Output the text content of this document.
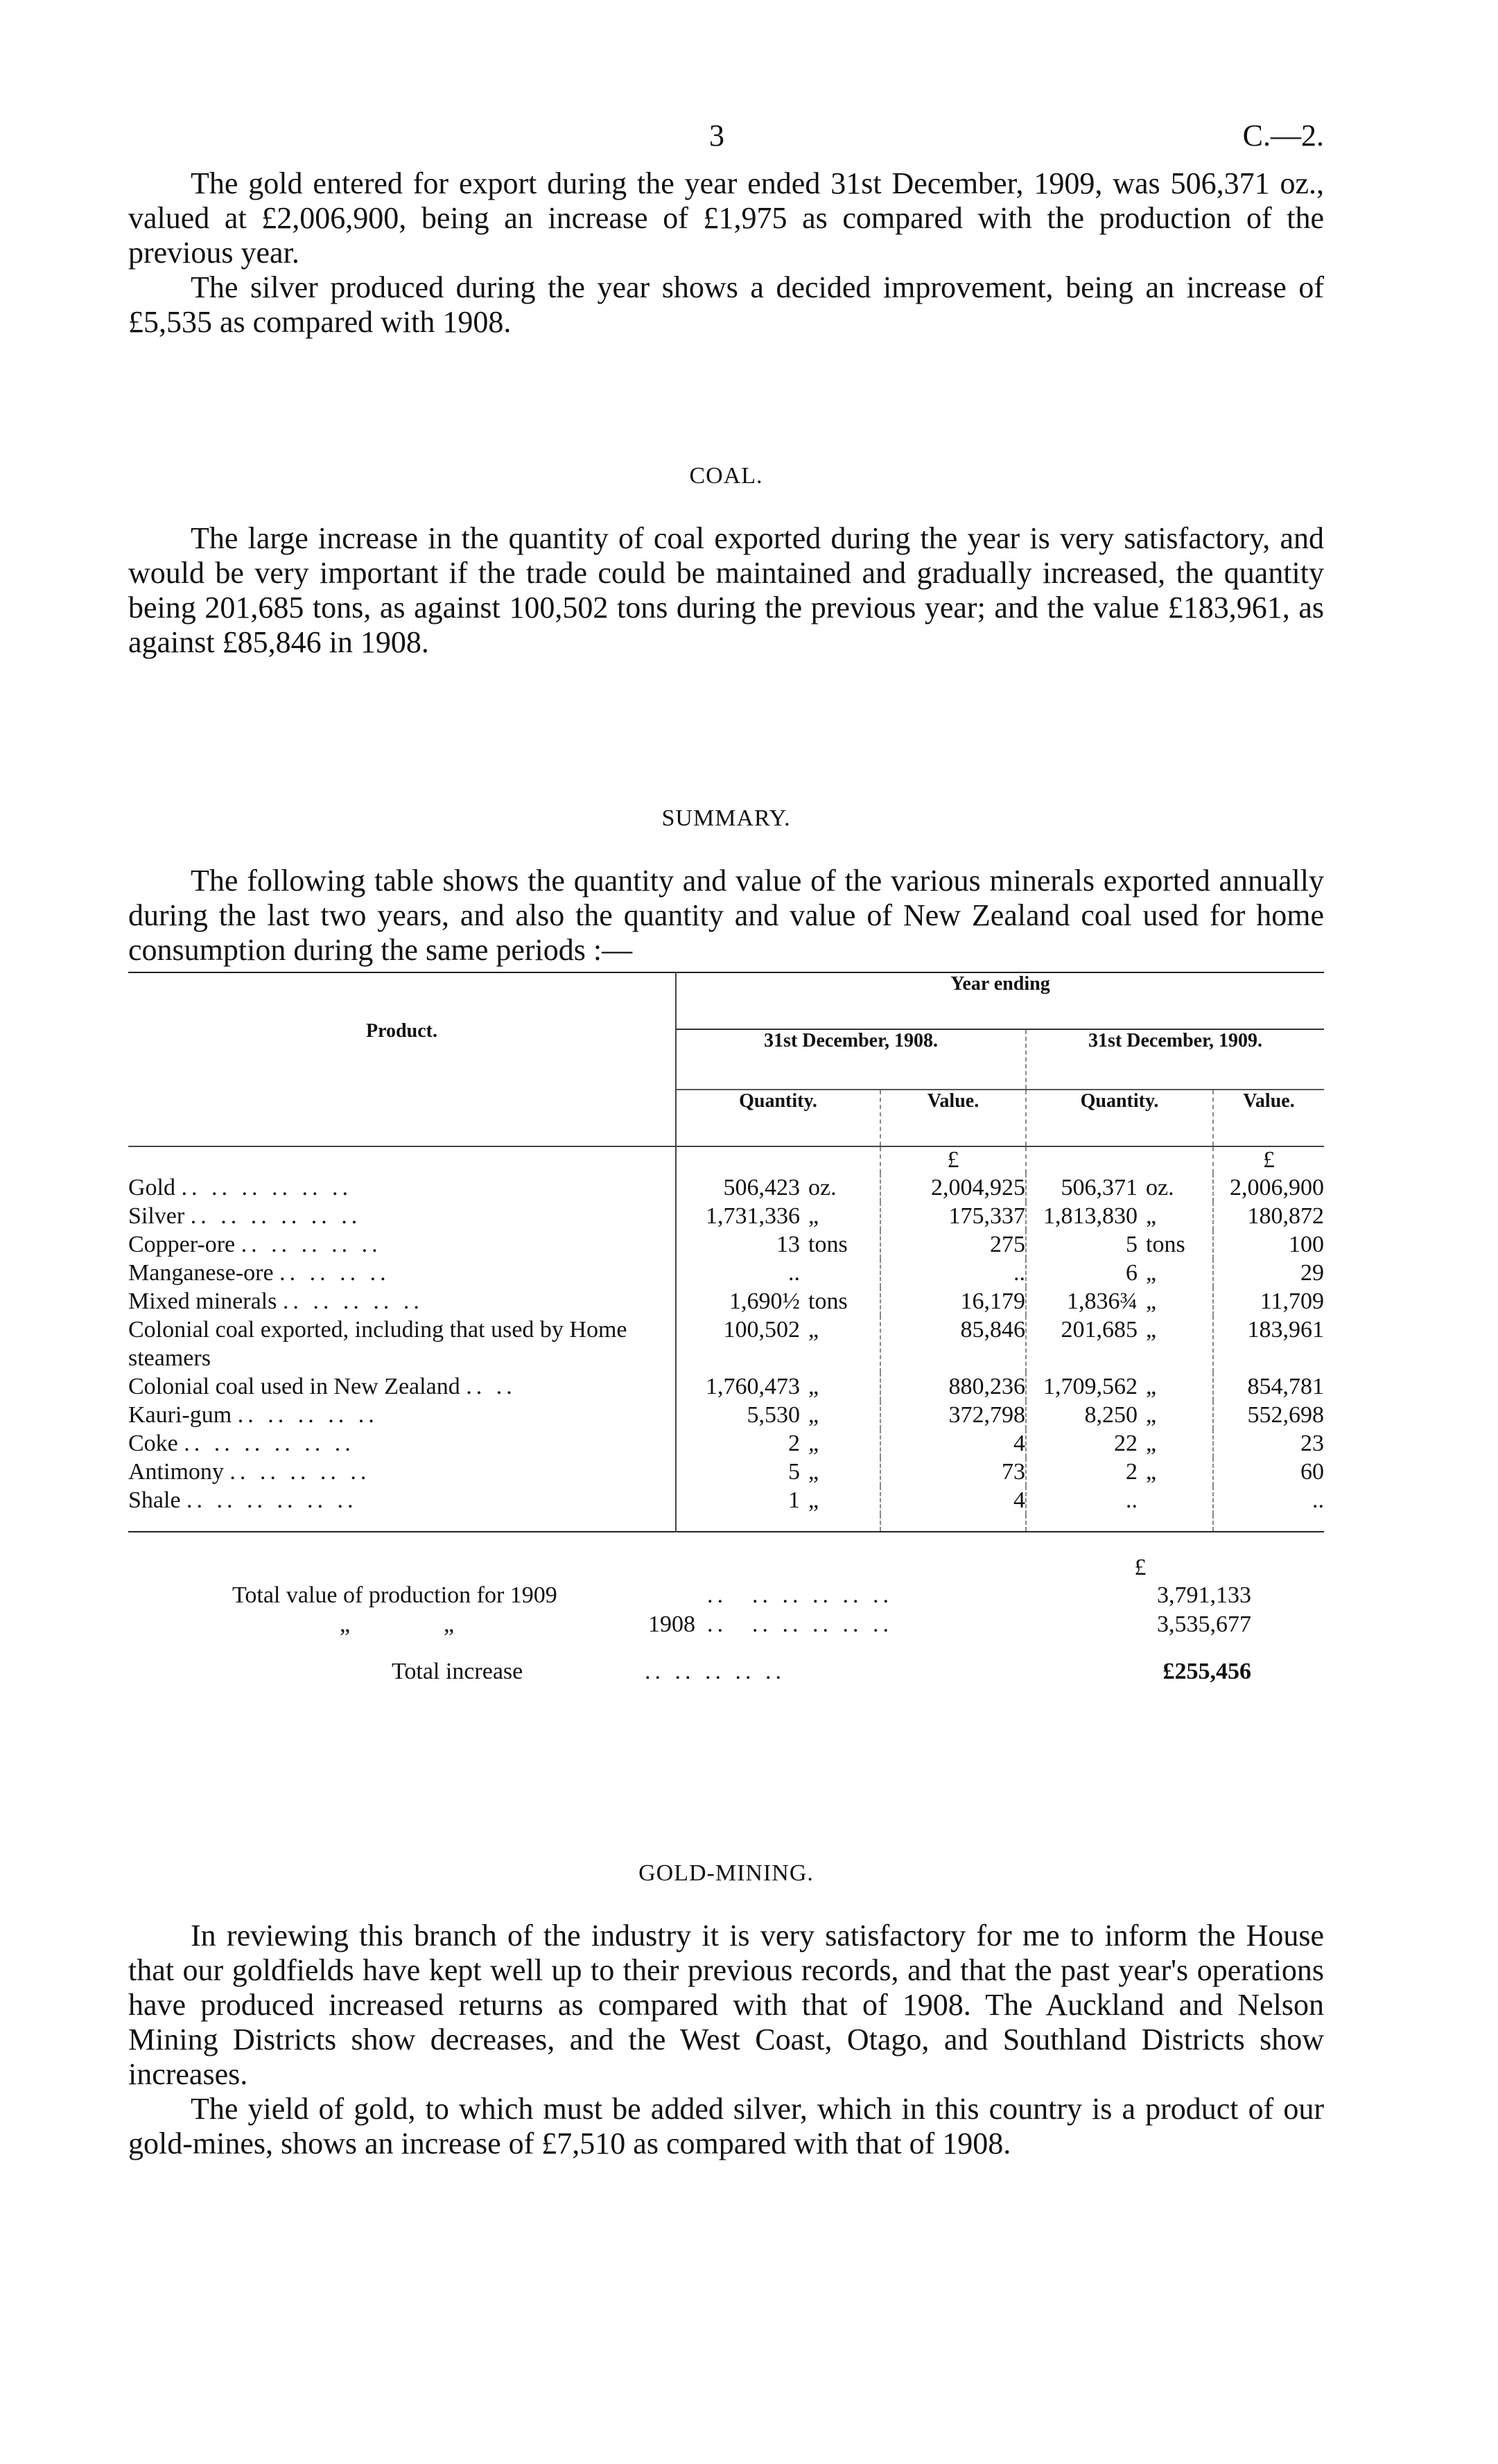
3	C.—2.

The gold entered for export during the year ended 31st December, 1909, was 506,371 oz., valued at £2,006,900, being an increase of £1,975 as compared with the production of the previous year.

The silver produced during the year shows a decided improvement, being an increase of £5,535 as compared with 1908.

COAL.

The large increase in the quantity of coal exported during the year is very satisfactory, and would be very important if the trade could be maintained and gradually increased, the quantity being 201,685 tons, as against 100,502 tons during the previous year; and the value £183,961, as against £85,846 in 1908.

SUMMARY.

The following table shows the quantity and value of the various minerals exported annually during the last two years, and also the quantity and value of New Zealand coal used for home consumption during the same periods :—

Product.	Year ending			
	31st December, 1908.		31st December, 1909.	
	Quantity.	Value.	Quantity.	Value.
		£		£
Gold .. .. .. .. .. ..	506,423 oz.	2,004,925	506,371 oz.	2,006,900
Silver .. .. .. .. .. ..	1,731,336 „	175,337	1,813,830 „	180,872
Copper-ore .. .. .. .. ..	13 tons	275	5 tons	100
Manganese-ore .. .. .. ..	..	..	6 „	29
Mixed minerals .. .. .. .. ..	1,690½ tons	16,179	1,836¾ „	11,709
Colonial coal exported, including that used by Home steamers	100,502 „	85,846	201,685 „	183,961
Colonial coal used in New Zealand .. ..	1,760,473 „	880,236	1,709,562 „	854,781
Kauri-gum .. .. .. .. ..	5,530 „	372,798	8,250 „	552,698
Coke .. .. .. .. .. ..	2 „	4	22 „	23
Antimony .. .. .. .. ..	5 „	73	2 „	60
Shale .. .. .. .. .. ..	1 „	4	..	..

£
Total value of production for 1909	.. .. .. .. .. ..	3,791,133
„	„	1908 .. .. .. .. .. ..	3,535,677
Total increase	.. .. .. .. ..	£255,456
GOLD-MINING.

In reviewing this branch of the industry it is very satisfactory for me to inform the House that our goldfields have kept well up to their previous records, and that the past year's operations have produced increased returns as compared with that of 1908. The Auckland and Nelson Mining Districts show decreases, and the West Coast, Otago, and Southland Districts show increases.

The yield of gold, to which must be added silver, which in this country is a product of our gold-mines, shows an increase of £7,510 as compared with that of 1908.
